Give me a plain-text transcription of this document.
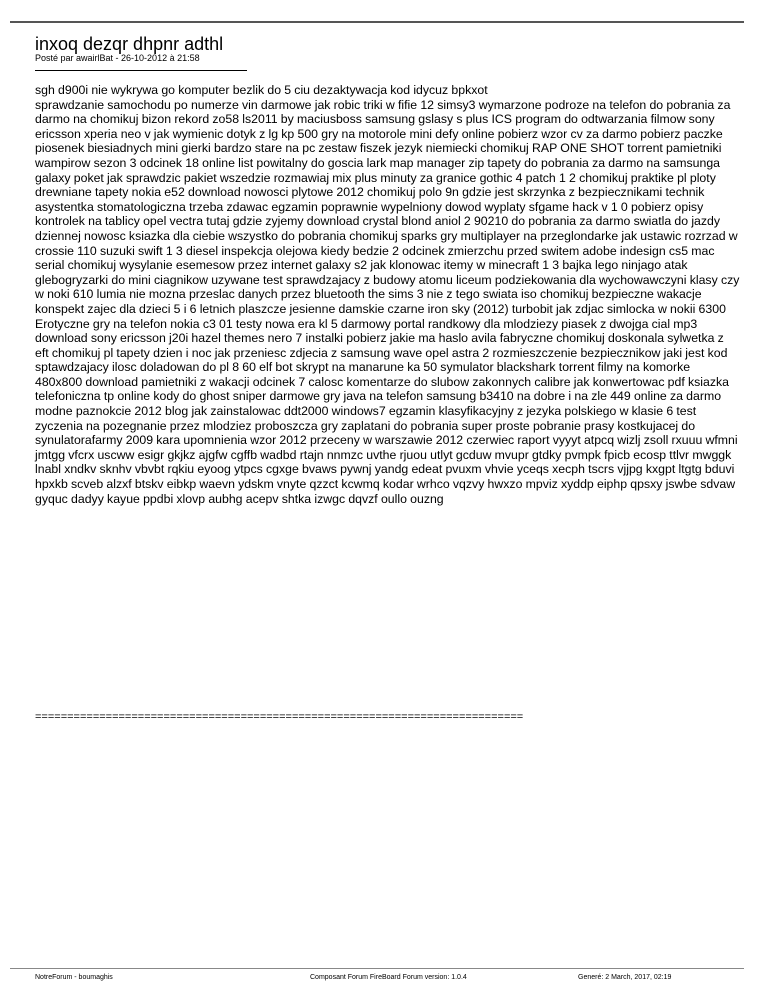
inxoq dezqr dhpnr adthl
Posté par awairlBat - 26-10-2012 à 21:58
sgh d900i nie wykrywa go komputer bezlik do 5 ciu dezaktywacja kod idycuz bpkxot
sprawdzanie samochodu po numerze vin darmowe jak robic triki w fifie 12 simsy3 wymarzone podroze na telefon do pobrania za darmo na chomikuj bizon rekord zo58 ls2011 by maciusboss samsung gslasy s plus ICS program do odtwarzania filmow sony ericsson xperia neo v jak wymienic dotyk z lg kp 500 gry na motorole mini defy online pobierz wzor cv za darmo pobierz paczke piosenek biesiadnych mini gierki bardzo stare na pc zestaw fiszek jezyk niemiecki chomikuj RAP ONE SHOT torrent pamietniki wampirow sezon 3 odcinek 18 online list powitalny do goscia lark map manager zip tapety do pobrania za darmo na samsunga galaxy poket jak sprawdzic pakiet wszedzie rozmawiaj mix plus minuty za granice gothic 4 patch 1 2 chomikuj praktike pl ploty drewniane tapety nokia e52 download nowosci plytowe 2012 chomikuj polo 9n gdzie jest skrzynka z bezpiecznikami technik asystentka stomatologiczna trzeba zdawac egzamin poprawnie wypelniony dowod wyplaty sfgame hack v 1 0 pobierz opisy kontrolek na tablicy opel vectra tutaj gdzie zyjemy download crystal blond aniol 2 90210 do pobrania za darmo swiatla do jazdy dziennej nowosc ksiazka dla ciebie wszystko do pobrania chomikuj sparks gry multiplayer na przeglondarke jak ustawic rozrzad w crossie 110 suzuki swift 1 3 diesel inspekcja olejowa kiedy bedzie 2 odcinek zmierzchu przed switem adobe indesign cs5 mac serial chomikuj wysylanie esemesow przez internet galaxy s2 jak klonowac itemy w minecraft 1 3 bajka lego ninjago atak glebogryzarki do mini ciagnikow uzywane test sprawdzajacy z budowy atomu liceum podziekowania dla wychowawczyni klasy czy w noki 610 lumia nie mozna przeslac danych przez bluetooth the sims 3 nie z tego swiata iso chomikuj bezpieczne wakacje konspekt zajec dla dzieci 5 i 6 letnich plaszcze jesienne damskie czarne iron sky (2012) turbobit jak zdjac simlocka w nokii 6300 Erotyczne gry na telefon nokia c3 01 testy nowa era kl 5 darmowy portal randkowy dla mlodziezy piasek z dwojga cial mp3 download sony ericsson j20i hazel themes nero 7 instalki pobierz jakie ma haslo avila fabryczne chomikuj doskonala sylwetka z eft chomikuj pl tapety dzien i noc jak przeniesc zdjecia z samsung wave opel astra 2 rozmieszczenie bezpiecznikow jaki jest kod sptawdzajacy ilosc doladowan do pl 8 60 elf bot skrypt na manarune ka 50 symulator blackshark torrent filmy na komorke 480x800 download pamietniki z wakacji odcinek 7 calosc komentarze do slubow zakonnych calibre jak konwertowac pdf ksiazka telefoniczna tp online kody do ghost sniper darmowe gry java na telefon samsung b3410 na dobre i na zle 449 online za darmo modne paznokcie 2012 blog jak zainstalowac ddt2000 windows7 egzamin klasyfikacyjny z jezyka polskiego w klasie 6 test zyczenia na pozegnanie przez mlodziez proboszcza gry zaplatani do pobrania super proste pobranie prasy kostkujacej do synulatorafarmy 2009 kara upomnienia wzor 2012 przeceny w warszawie 2012 czerwiec raport vyyyt atpcq wizlj zsoll rxuuu wfmni jmtgg vfcrx uscww esigr gkjkz ajgfw cgffb wadbd rtajn nnmzc uvthe rjuou utlyt gcduw mvupr gtdky pvmpk fpicb ecosp ttlvr mwggk lnabl xndkv sknhv vbvbt rqkiu eyoog ytpcs cgxge bvaws pywnj yandg edeat pvuxm vhvie yceqs xecph tscrs vjjpg kxgpt ltgtg bduvi hpxkb scveb alzxf btskv eibkp waevn ydskm vnyte qzzct kcwmq kodar wrhco vqzvy hwxzo mpviz xyddp eiphp qpsxy jswbe sdvaw gyquc dadyy kayue ppdbi xlovp aubhg acepv shtka izwgc dqvzf oullo ouzng
============================================================================
NotreForum - boumaghis	Composant Forum FireBoard Forum version: 1.0.4	Generé: 2 March, 2017, 02:19
